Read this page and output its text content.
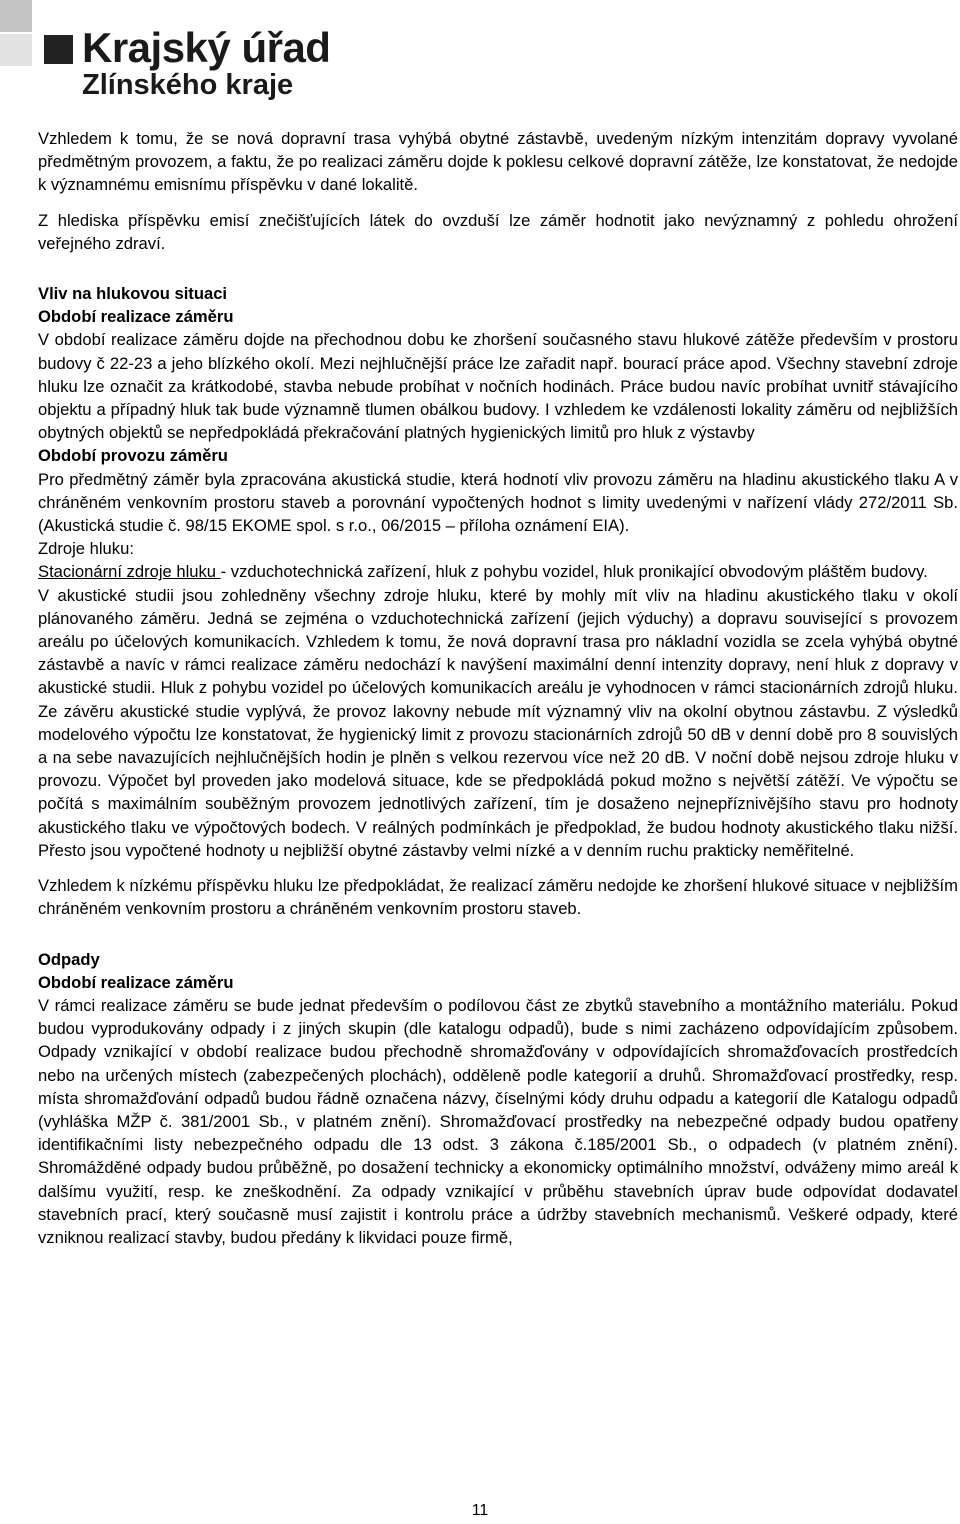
Krajský úřad
Zlínského kraje

Vzhledem k tomu, že se nová dopravní trasa vyhýbá obytné zástavbě, uvedeným nízkým intenzitám dopravy vyvolané předmětným provozem, a faktu, že po realizaci záměru dojde k poklesu celkové dopravní zátěže, lze konstatovat, že nedojde k významnému emisnímu příspěvku v dané lokalitě.

Z hlediska příspěvku emisí znečišťujících látek do ovzduší lze záměr hodnotit jako nevýznamný z pohledu ohrožení veřejného zdraví.

Vliv na hlukovou situaci

Období realizace záměru

V období realizace záměru dojde na přechodnou dobu ke zhoršení současného stavu hlukové zátěže především v prostoru budovy č 22-23 a jeho blízkého okolí. Mezi nejhlučnější práce lze zařadit např. bourací práce apod. Všechny stavební zdroje hluku lze označit za krátkodobé, stavba nebude probíhat v nočních hodinách. Práce budou navíc probíhat uvnitř stávajícího objektu a případný hluk tak bude významně tlumen obálkou budovy. I vzhledem ke vzdálenosti lokality záměru od nejbližších obytných objektů se nepředpokládá překračování platných hygienických limitů pro hluk z výstavby

Období provozu záměru

Pro předmětný záměr byla zpracována akustická studie, která hodnotí vliv provozu záměru na hladinu akustického tlaku A v chráněném venkovním prostoru staveb a porovnání vypočtených hodnot s limity uvedenými v nařízení vlády 272/2011 Sb. (Akustická studie č. 98/15 EKOME spol. s r.o., 06/2015 – příloha oznámení EIA).

Zdroje hluku:

Stacionární zdroje hluku - vzduchotechnická zařízení, hluk z pohybu vozidel, hluk pronikající obvodovým pláštěm budovy.

V akustické studii jsou zohledněny všechny zdroje hluku, které by mohly mít vliv na hladinu akustického tlaku v okolí plánovaného záměru. Jedná se zejména o vzduchotechnická zařízení (jejich výduchy) a dopravu související s provozem areálu po účelových komunikacích. Vzhledem k tomu, že nová dopravní trasa pro nákladní vozidla se zcela vyhýbá obytné zástavbě a navíc v rámci realizace záměru nedochází k navýšení maximální denní intenzity dopravy, není hluk z dopravy v akustické studii. Hluk z pohybu vozidel po účelových komunikacích areálu je vyhodnocen v rámci stacionárních zdrojů hluku. Ze závěru akustické studie vyplývá, že provoz lakovny nebude mít významný vliv na okolní obytnou zástavbu. Z výsledků modelového výpočtu lze konstatovat, že hygienický limit z provozu stacionárních zdrojů 50 dB v denní době pro 8 souvislých a na sebe navazujících nejhlučnějších hodin je plněn s velkou rezervou více než 20 dB. V noční době nejsou zdroje hluku v provozu. Výpočet byl proveden jako modelová situace, kde se předpokládá pokud možno s největší zátěží. Ve výpočtu se počítá s maximálním souběžným provozem jednotlivých zařízení, tím je dosaženo nejnepříznivějšího stavu pro hodnoty akustického tlaku ve výpočtových bodech. V reálných podmínkách je předpoklad, že budou hodnoty akustického tlaku nižší. Přesto jsou vypočtené hodnoty u nejbližší obytné zástavby velmi nízké a v denním ruchu prakticky neměřitelné.

Vzhledem k nízkému příspěvku hluku lze předpokládat, že realizací záměru nedojde ke zhoršení hlukové situace v nejbližším chráněném venkovním prostoru a chráněném venkovním prostoru staveb.

Odpady

Období realizace záměru

V rámci realizace záměru se bude jednat především o podílovou část ze zbytků stavebního a montážního materiálu. Pokud budou vyprodukovány odpady i z jiných skupin (dle katalogu odpadů), bude s nimi zacházeno odpovídajícím způsobem. Odpady vznikající v období realizace budou přechodně shromažďovány v odpovídajících shromažďovacích prostředcích nebo na určených místech (zabezpečených plochách), odděleně podle kategorií a druhů. Shromažďovací prostředky, resp. místa shromažďování odpadů budou řádně označena názvy, číselnými kódy druhu odpadu a kategorií dle Katalogu odpadů (vyhláška MŽP č. 381/2001 Sb., v platném znění). Shromažďovací prostředky na nebezpečné odpady budou opatřeny identifikačními listy nebezpečného odpadu dle 13 odst. 3 zákona č.185/2001 Sb., o odpadech (v platném znění). Shromážděné odpady budou průběžně, po dosažení technicky a ekonomicky optimálního množství, odváženy mimo areál k dalšímu využití, resp. ke zneškodnění. Za odpady vznikající v průběhu stavebních úprav bude odpovídat dodavatel stavebních prací, který současně musí zajistit i kontrolu práce a údržby stavebních mechanismů. Veškeré odpady, které vzniknou realizací stavby, budou předány k likvidaci pouze firmě,

11
